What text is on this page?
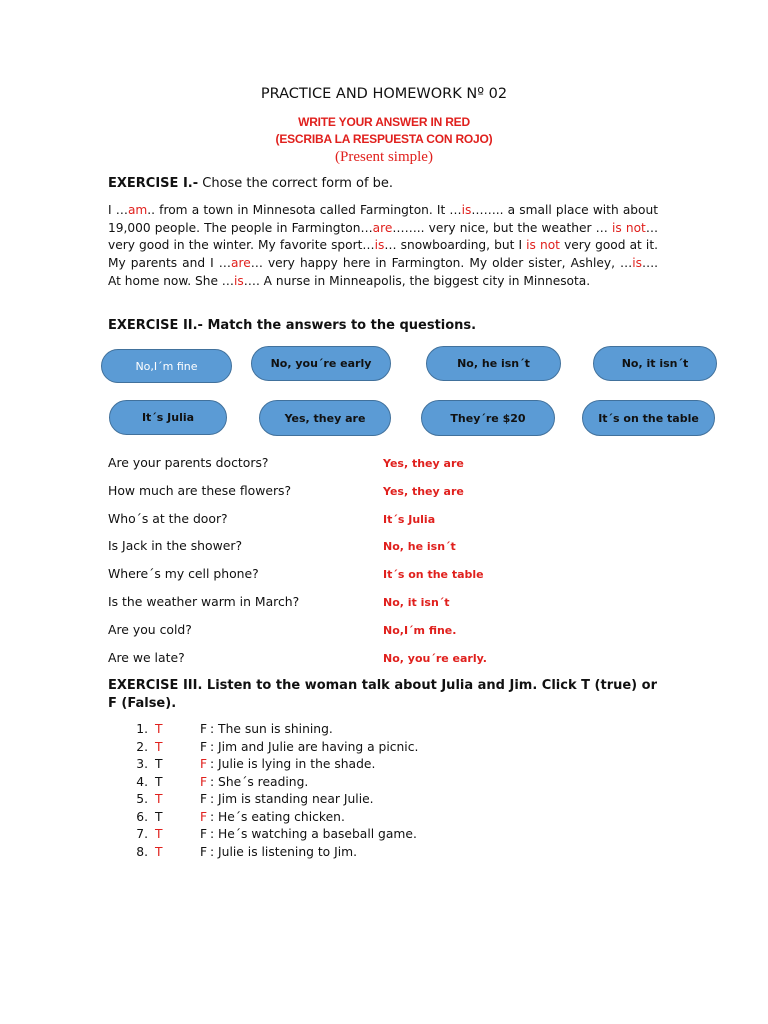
PRACTICE AND HOMEWORK Nº 02
WRITE YOUR ANSWER IN RED
(ESCRIBA LA RESPUESTA CON ROJO)
(Present simple)
EXERCISE I.- Chose the correct form of be.
I …am.. from a town in Minnesota called Farmington. It …is…….. a small place with about 19,000 people. The people in Farmington…are…….. very nice, but the weather … is not… very good in the winter. My favorite sport…is… snowboarding, but I is not very good at it. My parents and I …are… very happy here in Farmington. My older sister, Ashley, …is…. At home now. She …is…. A nurse in Minneapolis, the biggest city in Minnesota.
EXERCISE II.- Match the answers to the questions.
No,I´m fine	No, you´re early	No, he isn´t	No, it isn´t
It´s Julia	Yes, they are	They´re $20	It´s on the table
Are your parents doctors?	Yes, they are
How much are these flowers?	Yes, they are
Who´s at the door?	It´s Julia
Is Jack in the shower?	No, he isn´t
Where´s my cell phone?	It´s on the table
Is the weather warm in March?	No, it isn´t
Are you cold?	No,I´m fine.
Are we late?	No, you´re early.
EXERCISE III. Listen to the woman talk about Julia and Jim. Click T (true) or F (False).
1. T	F : The sun is shining.
2. T	F : Jim and Julie are having a picnic.
3. T	F : Julie is lying in the shade.
4. T	F : She´s reading.
5. T	F : Jim is standing near Julie.
6. T	F : He´s eating chicken.
7. T	F : He´s watching a baseball game.
8. T	F : Julie is listening to Jim.
